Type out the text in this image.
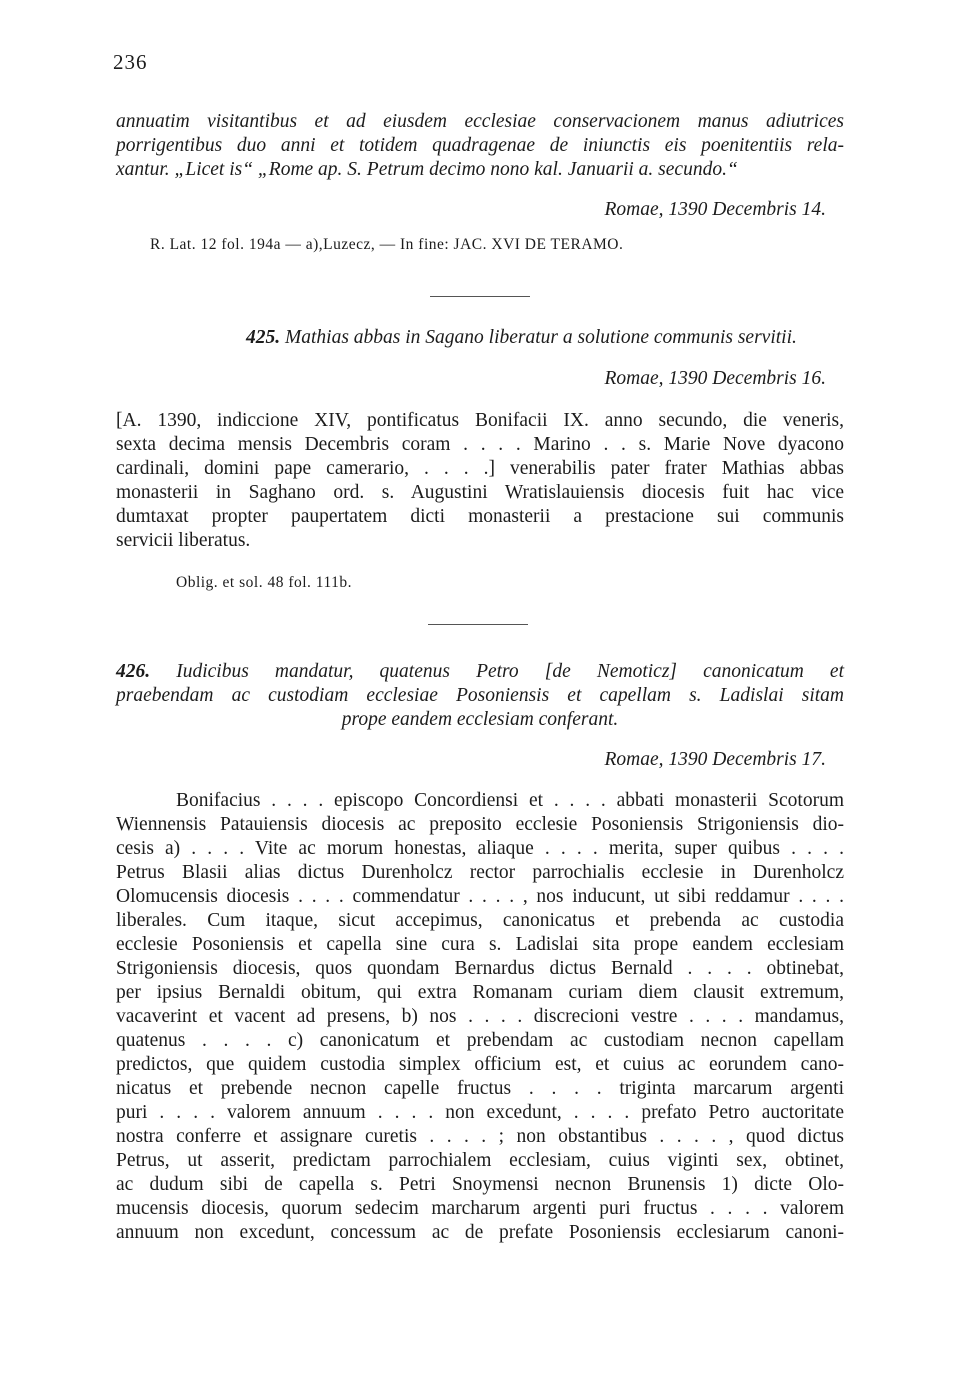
236
annuatim visitantibus et ad eiusdem ecclesiae conservacionem manus adiutrices
porrigentibus duo anni et totidem quadragenae de iniunctis eis poenitentiis rela-
xantur. „Licet is“ „Rome ap. S. Petrum decimo nono kal. Januarii a. secundo.“
Romae, 1390 Decembris 14.
R. Lat. 12 fol. 194a — a),Luzecz, — In fine: JAC. XVI DE TERAMO.
425. Mathias abbas in Sagano liberatur a solutione communis servitii.
Romae, 1390 Decembris 16.
[A. 1390, indiccione XIV, pontificatus Bonifacii IX. anno secundo, die veneris,
sexta decima mensis Decembris coram . . . . Marino . . s. Marie Nove dyacono
cardinali, domini pape camerario, . . . .] venerabilis pater frater Mathias abbas
monasterii in Saghano ord. s. Augustini Wratislauiensis diocesis fuit hac vice
dumtaxat propter paupertatem dicti monasterii a prestacione sui communis
servicii liberatus.
Oblig. et sol. 48 fol. 111b.
426. Iudicibus mandatur, quatenus Petro [de Nemoticz] canonicatum et
praebendam ac custodiam ecclesiae Posoniensis et capellam s. Ladislai sitam
prope eandem ecclesiam conferant.
Romae, 1390 Decembris 17.
Bonifacius . . . . episcopo Concordiensi et . . . . abbati monasterii Scotorum
Wiennensis Patauiensis diocesis ac preposito ecclesie Posoniensis Strigoniensis dio-
cesis a) . . . . Vite ac morum honestas, aliaque . . . . merita, super quibus . . . .
Petrus Blasii alias dictus Durenholcz rector parrochialis ecclesie in Durenholcz
Olomucensis diocesis . . . . commendatur . . . . , nos inducunt, ut sibi reddamur . . . .
liberales. Cum itaque, sicut accepimus, canonicatus et prebenda ac custodia
ecclesie Posoniensis et capella sine cura s. Ladislai sita prope eandem ecclesiam
Strigoniensis diocesis, quos quondam Bernardus dictus Bernald . . . . obtinebat,
per ipsius Bernaldi obitum, qui extra Romanam curiam diem clausit extremum,
vacaverint et vacent ad presens, b) nos . . . . discrecioni vestre . . . . mandamus,
quatenus . . . . c) canonicatum et prebendam ac custodiam necnon capellam
predictos, que quidem custodia simplex officium est, et cuius ac eorundem cano-
nicatus et prebende necnon capelle fructus . . . . triginta marcarum argenti
puri . . . . valorem annuum . . . . non excedunt, . . . . prefato Petro auctoritate
nostra conferre et assignare curetis . . . . ; non obstantibus . . . . , quod dictus
Petrus, ut asserit, predictam parrochialem ecclesiam, cuius viginti sex, obtinet,
ac dudum sibi de capella s. Petri Snoymensi necnon Brunensis 1) dicte Olo-
mucensis diocesis, quorum sedecim marcharum argenti puri fructus . . . . valorem
annuum non excedunt, concessum ac de prefate Posoniensis ecclesiarum canoni-
